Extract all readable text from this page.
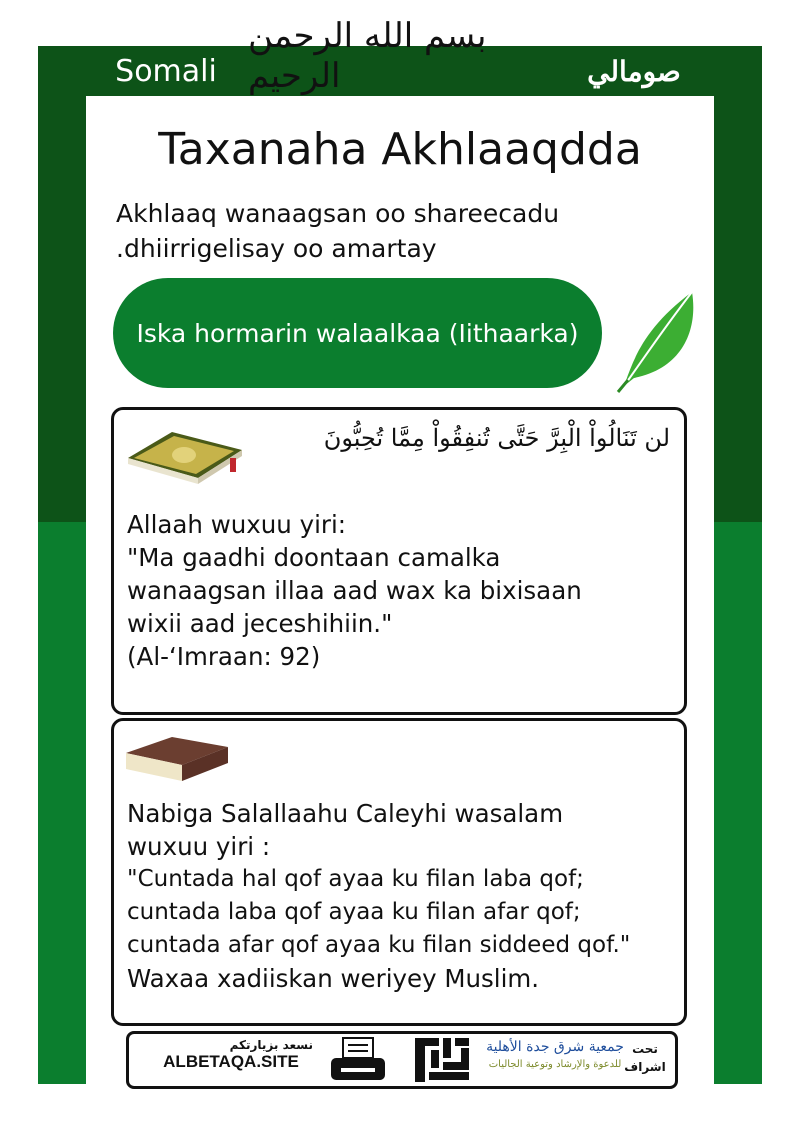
Somali	صومالي
بسم الله الرحمن الرحيم
Taxanaha Akhlaaqdda
Akhlaaq wanaagsan oo shareecadu
.dhiirrigelisay oo amartay
Iska hormarin walaalkaa (Iithaarka)
لن تَنَالُواْ الْبِرَّ حَتَّى تُنفِقُواْ مِمَّا تُحِبُّونَ
Allaah wuxuu yiri:
"Ma gaadhi doontaan camalka
wanaagsan illaa aad wax ka bixisaan
wixii aad jeceshihiin."
(Al-‘Imraan: 92)
Nabiga Salallaahu Caleyhi wasalam
wuxuu yiri :
"Cuntada hal qof ayaa ku filan laba qof;
cuntada laba qof ayaa ku filan afar qof;
cuntada afar qof ayaa ku filan siddeed qof."
Waxaa xadiiskan weriyey Muslim.
نسعد بزيارتكم
ALBETAQA.SITE
جمعية شرق جدة الأهلية
للدعوة والإرشاد وتوعية الجاليات
تحت
اشراف
